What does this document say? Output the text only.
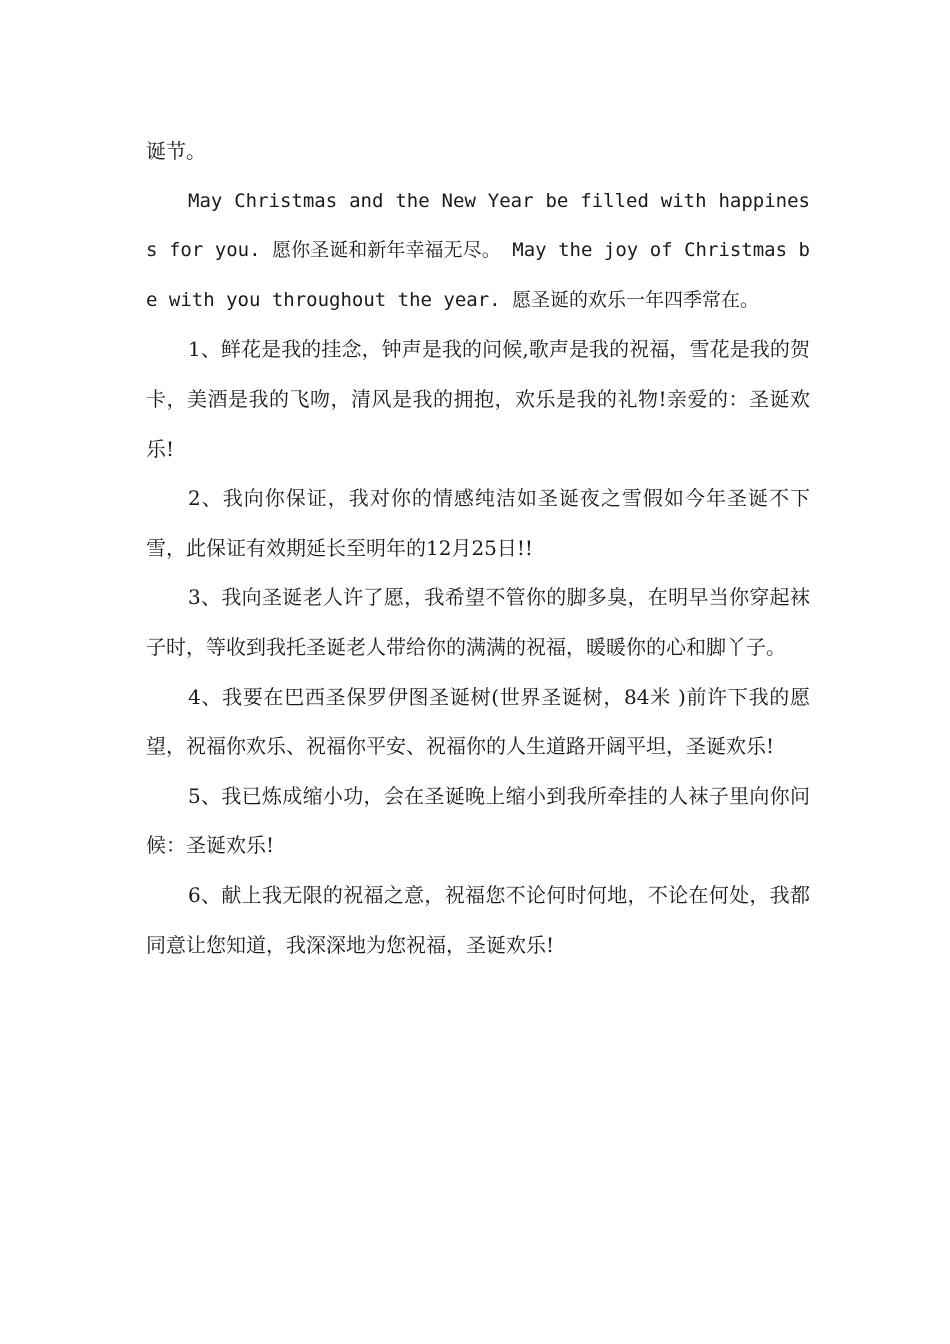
诞节。

May Christmas and the New Year be filled with happiness for you. 愿你圣诞和新年幸福无尽。 May the joy of Christmas be with you throughout the year. 愿圣诞的欢乐一年四季常在。

1、鲜花是我的挂念，钟声是我的问候,歌声是我的祝福，雪花是我的贺卡，美酒是我的飞吻，清风是我的拥抱，欢乐是我的礼物!亲爱的：圣诞欢乐!

2、我向你保证，我对你的情感纯洁如圣诞夜之雪假如今年圣诞不下雪，此保证有效期延长至明年的12月25日!!

3、我向圣诞老人许了愿，我希望不管你的脚多臭，在明早当你穿起袜子时，等收到我托圣诞老人带给你的满满的祝福，暖暖你的心和脚丫子。

4、我要在巴西圣保罗伊图圣诞树(世界圣诞树，84米 )前许下我的愿望，祝福你欢乐、祝福你平安、祝福你的人生道路开阔平坦，圣诞欢乐!

5、我已炼成缩小功，会在圣诞晚上缩小到我所牵挂的人袜子里向你问候：圣诞欢乐!

6、献上我无限的祝福之意，祝福您不论何时何地，不论在何处，我都同意让您知道，我深深地为您祝福，圣诞欢乐!
